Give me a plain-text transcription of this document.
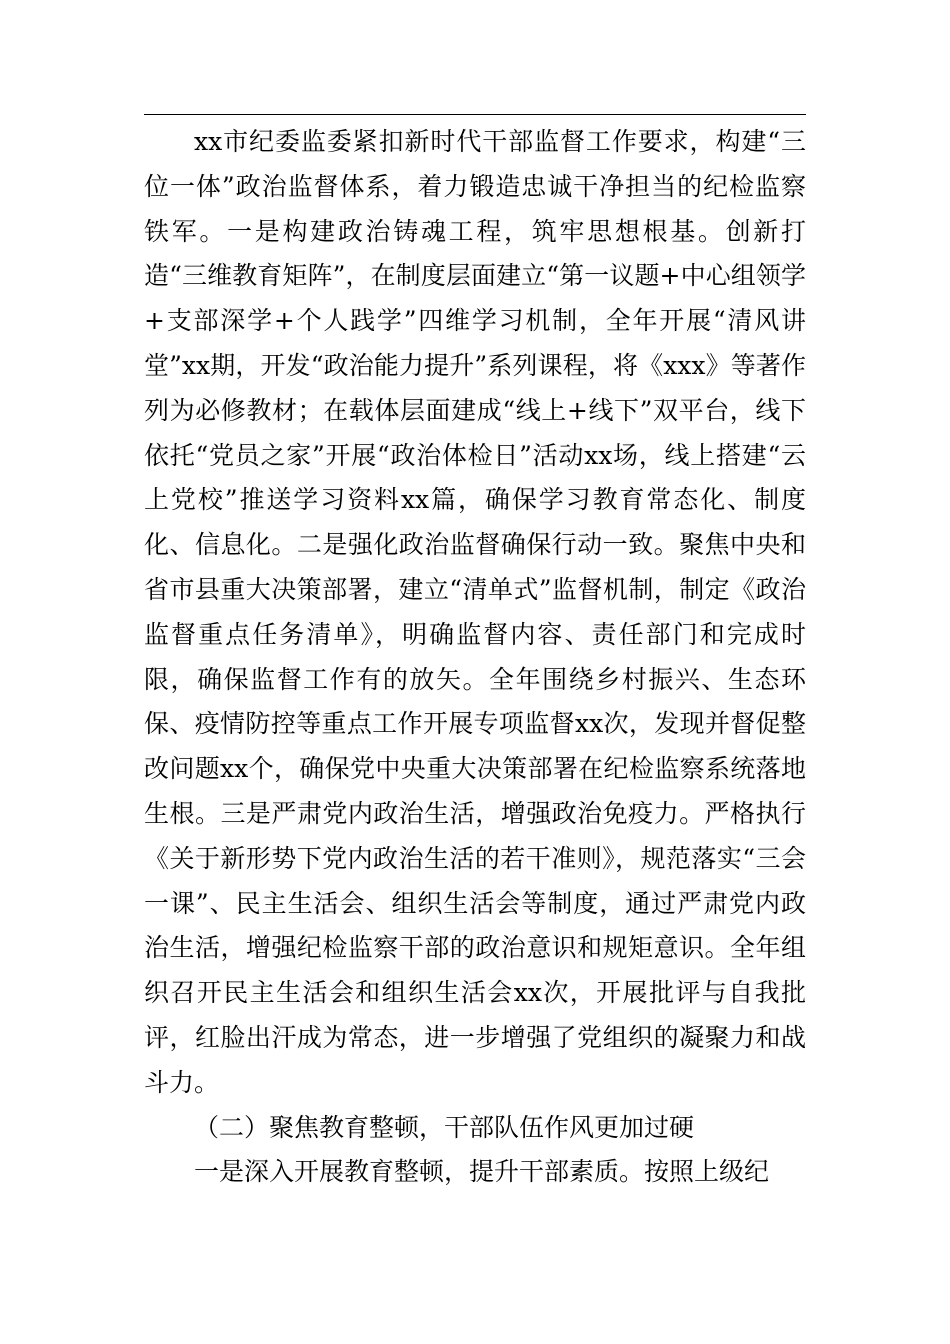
xx市纪委监委紧扣新时代干部监督工作要求，构建“三位一体”政治监督体系，着力锻造忠诚干净担当的纪检监察铁军。一是构建政治铸魂工程，筑牢思想根基。创新打造“三维教育矩阵”，在制度层面建立“第一议题+中心组领学+支部深学+个人践学”四维学习机制，全年开展“清风讲堂”xx期，开发“政治能力提升”系列课程，将《xxx》等著作列为必修教材；在载体层面建成“线上+线下”双平台，线下依托“党员之家”开展“政治体检日”活动xx场，线上搭建“云上党校”推送学习资料xx篇，确保学习教育常态化、制度化、信息化。二是强化政治监督确保行动一致。聚焦中央和省市县重大决策部署，建立“清单式”监督机制，制定《政治监督重点任务清单》，明确监督内容、责任部门和完成时限，确保监督工作有的放矢。全年围绕乡村振兴、生态环保、疫情防控等重点工作开展专项监督xx次，发现并督促整改问题xx个，确保党中央重大决策部署在纪检监察系统落地生根。三是严肃党内政治生活，增强政治免疫力。严格执行《关于新形势下党内政治生活的若干准则》，规范落实“三会一课”、民主生活会、组织生活会等制度，通过严肃党内政治生活，增强纪检监察干部的政治意识和规矩意识。全年组织召开民主生活会和组织生活会xx次，开展批评与自我批评，红脸出汗成为常态，进一步增强了党组织的凝聚力和战斗力。

（二）聚焦教育整顿，干部队伍作风更加过硬

一是深入开展教育整顿，提升干部素质。按照上级纪
